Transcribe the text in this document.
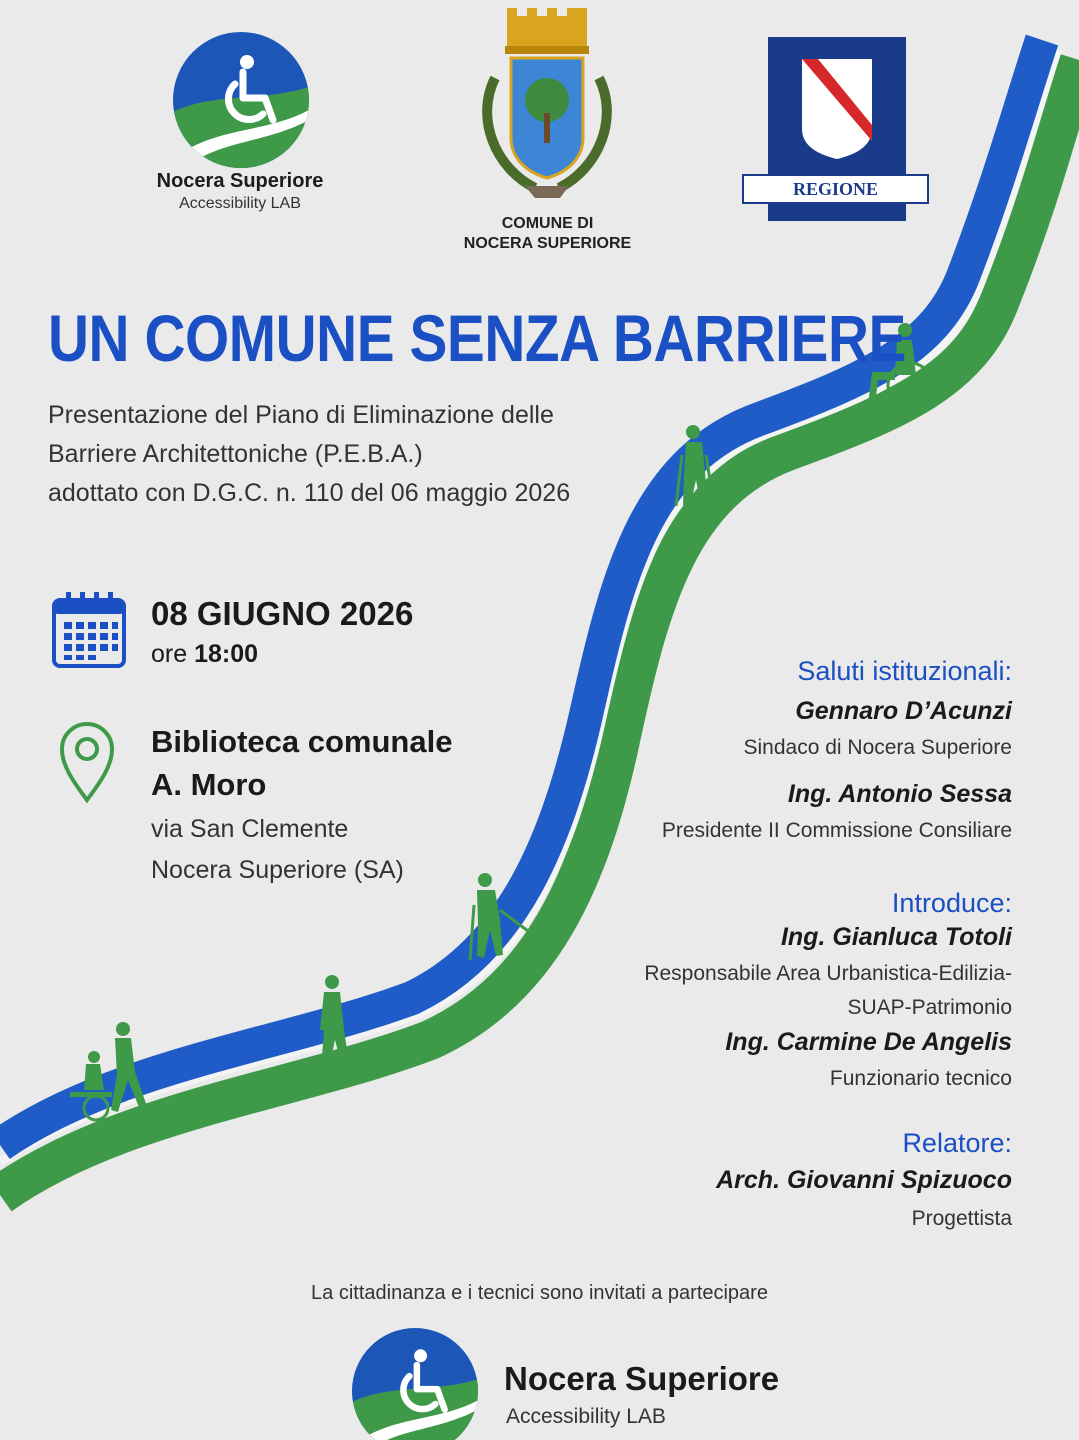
Nocera Superiore
Accessibility LAB
COMUNE DI
NOCERA SUPERIORE
REGIONE CAMPANIA
UN COMUNE SENZA BARRIERE
Presentazione del Piano di Eliminazione delle
Barriere Architettoniche (P.E.B.A.)
adottato con D.G.C. n. 110 del 06 maggio 2026
08 GIUGNO 2026
ore 18:00
Biblioteca comunale
A. Moro
via San Clemente
Nocera Superiore (SA)
Saluti istituzionali:
Gennaro D’Acunzi
Sindaco di Nocera Superiore
Ing. Antonio Sessa
Presidente II Commissione Consiliare
Introduce:
Ing. Gianluca Totoli
Responsabile Area Urbanistica-Edilizia-
SUAP-Patrimonio
Ing. Carmine De Angelis
Funzionario tecnico
Relatore:
Arch. Giovanni Spizuoco
Progettista
La cittadinanza e i tecnici sono invitati a partecipare
Nocera Superiore
Accessibility LAB
